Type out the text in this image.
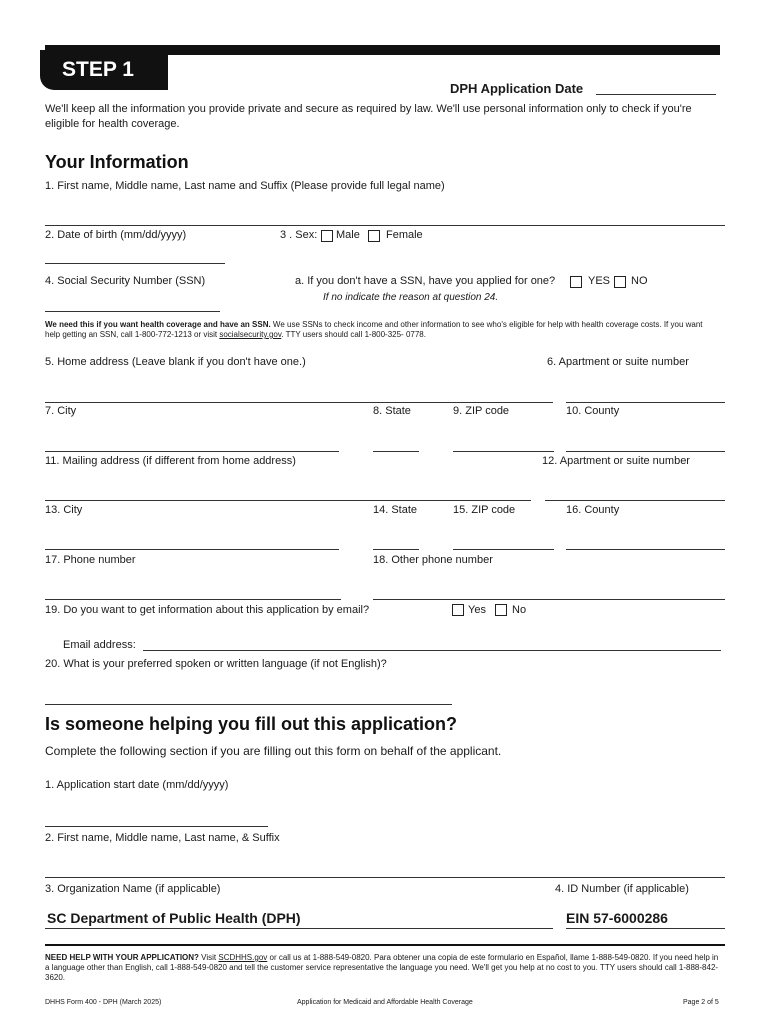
STEP 1
DPH Application Date
We'll keep all the information you provide private and secure as required by law. We'll use personal information only to check if you're eligible for health coverage.
Your Information
1. First name, Middle name, Last name and Suffix (Please provide full legal name)
2. Date of birth (mm/dd/yyyy)	3 . Sex: Male Female
4. Social Security Number (SSN)	a. If you don't have a SSN, have you applied for one?	YES NO
If no indicate the reason at question 24.
We need this if you want health coverage and have an SSN. We use SSNs to check income and other information to see who's eligible for help with health coverage costs. If you want help getting an SSN, call 1-800-772-1213 or visit socialsecurity.gov. TTY users should call 1-800-325- 0778.
5. Home address (Leave blank if you don't have one.)	6. Apartment or suite number
7. City	8. State	9. ZIP code	10. County
11. Mailing address (if different from home address)	12. Apartment or suite number
13. City	14. State	15. ZIP code	16. County
17. Phone number	18. Other phone number
19. Do you want to get information about this application by email?	Yes No
Email address:
20. What is your preferred spoken or written language (if not English)?
Is someone helping you fill out this application?
Complete the following section if you are filling out this form on behalf of the applicant.
1. Application start date (mm/dd/yyyy)
2. First name, Middle name, Last name, & Suffix
3. Organization Name (if applicable)	4. ID Number (if applicable)
SC Department of Public Health (DPH)	EIN 57-6000286
NEED HELP WITH YOUR APPLICATION? Visit SCDHHS.gov or call us at 1-888-549-0820. Para obtener una copia de este formulario en Español, llame 1-888-549-0820. If you need help in a language other than English, call 1-888-549-0820 and tell the customer service representative the language you need. We'll get you help at no cost to you. TTY users should call 1-888-842-3620.
DHHS Form 400 - DPH (March 2025)	Application for Medicaid and Affordable Health Coverage	Page 2 of 5
